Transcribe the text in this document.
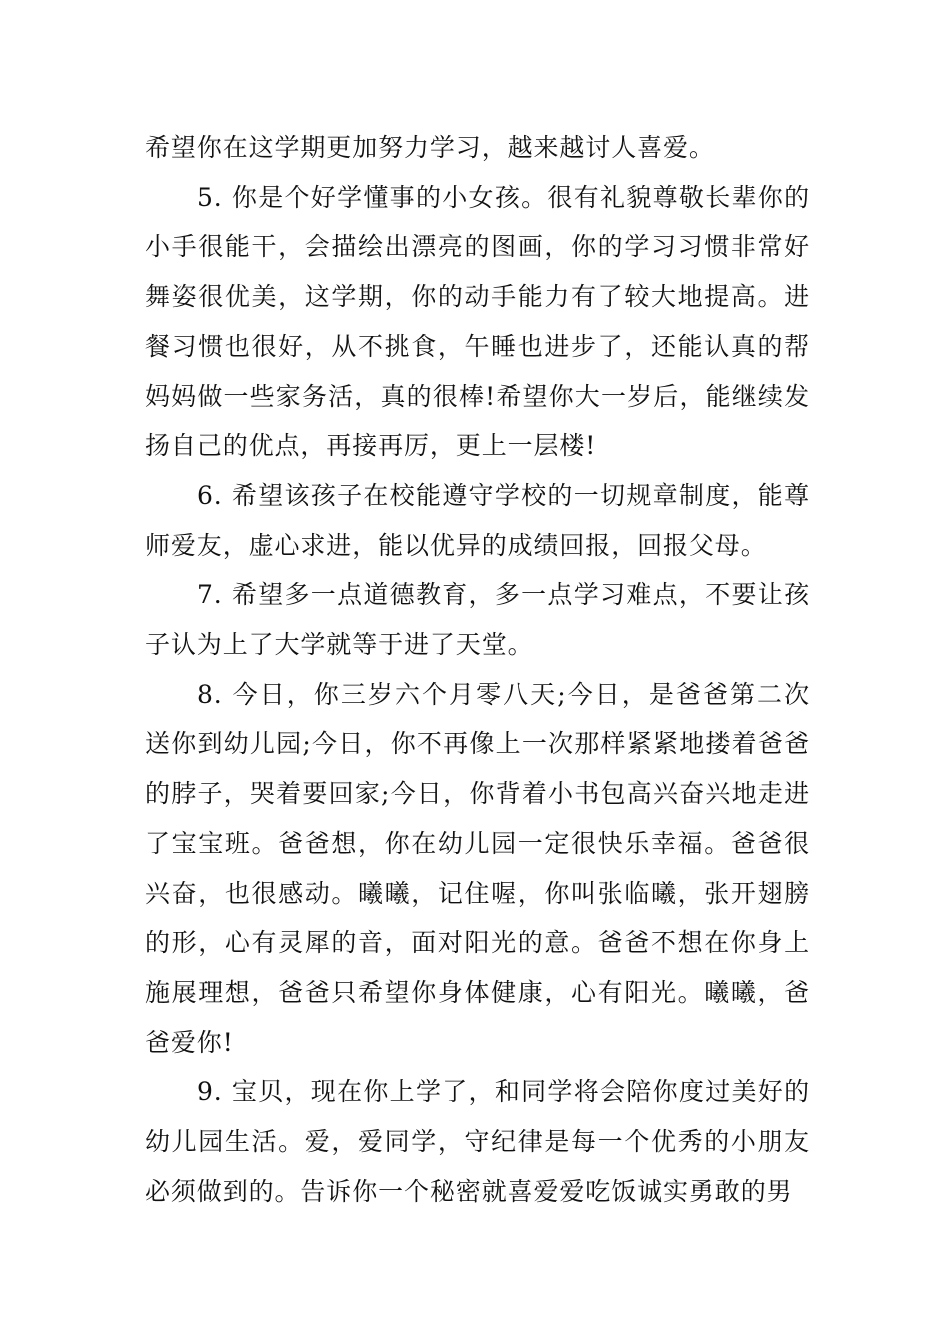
希望你在这学期更加努力学习，越来越讨人喜爱。

5. 你是个好学懂事的小女孩。很有礼貌尊敬长辈你的小手很能干，会描绘出漂亮的图画，你的学习习惯非常好舞姿很优美，这学期，你的动手能力有了较大地提高。进餐习惯也很好，从不挑食，午睡也进步了，还能认真的帮妈妈做一些家务活，真的很棒!希望你大一岁后，能继续发扬自己的优点，再接再厉，更上一层楼!

6. 希望该孩子在校能遵守学校的一切规章制度，能尊师爱友，虚心求进，能以优异的成绩回报，回报父母。

7. 希望多一点道德教育，多一点学习难点，不要让孩子认为上了大学就等于进了天堂。

8. 今日，你三岁六个月零八天;今日，是爸爸第二次送你到幼儿园;今日，你不再像上一次那样紧紧地搂着爸爸的脖子，哭着要回家;今日，你背着小书包高兴奋兴地走进了宝宝班。爸爸想，你在幼儿园一定很快乐幸福。爸爸很兴奋，也很感动。曦曦，记住喔，你叫张临曦，张开翅膀的形，心有灵犀的音，面对阳光的意。爸爸不想在你身上施展理想，爸爸只希望你身体健康，心有阳光。曦曦，爸爸爱你!

9. 宝贝，现在你上学了，和同学将会陪你度过美好的幼儿园生活。爱，爱同学，守纪律是每一个优秀的小朋友必须做到的。告诉你一个秘密就喜爱爱吃饭诚实勇敢的男
